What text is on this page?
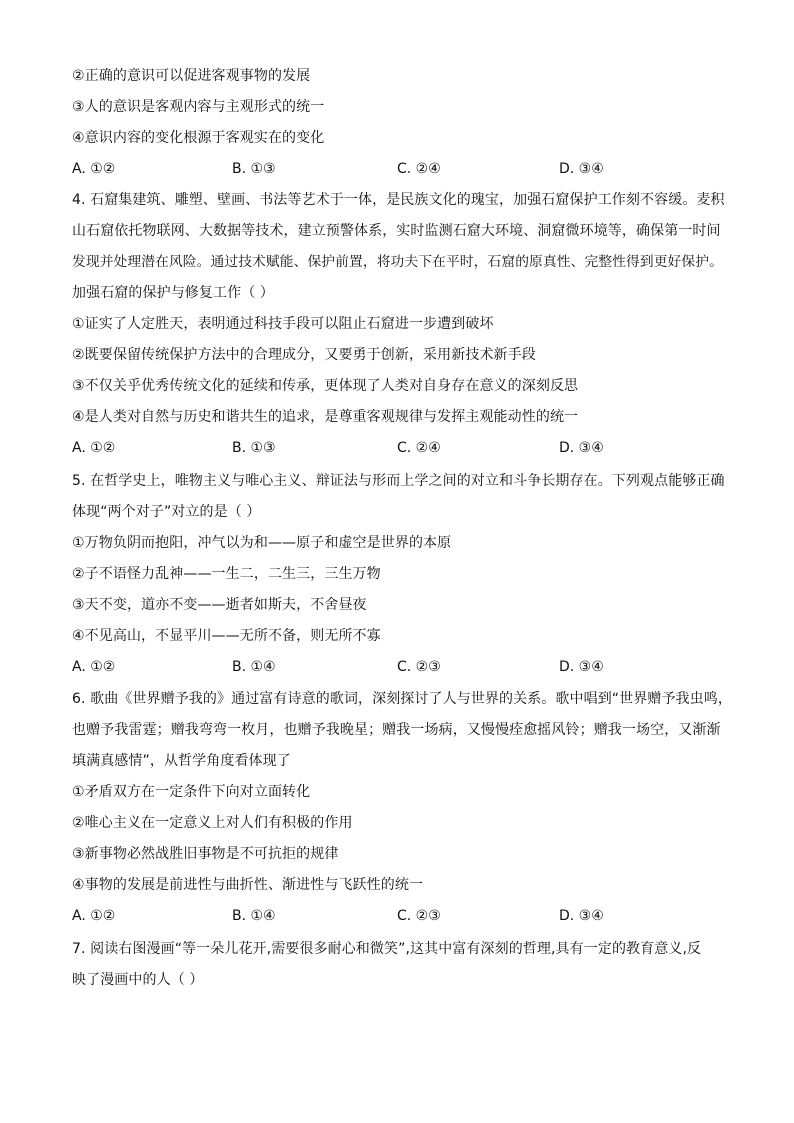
②正确的意识可以促进客观事物的发展
③人的意识是客观内容与主观形式的统一
④意识内容的变化根源于客观实在的变化
A. ①②	B. ①③	C. ②④	D. ③④
4. 石窟集建筑、雕塑、壁画、书法等艺术于一体，是民族文化的瑰宝，加强石窟保护工作刻不容缓。麦积
山石窟依托物联网、大数据等技术，建立预警体系，实时监测石窟大环境、洞窟微环境等，确保第一时间
发现并处理潜在风险。通过技术赋能、保护前置，将功夫下在平时，石窟的原真性、完整性得到更好保护。
加强石窟的保护与修复工作（ ）
①证实了人定胜天，表明通过科技手段可以阻止石窟进一步遭到破坏
②既要保留传统保护方法中的合理成分，又要勇于创新，采用新技术新手段
③不仅关乎优秀传统文化的延续和传承，更体现了人类对自身存在意义的深刻反思
④是人类对自然与历史和谐共生的追求，是尊重客观规律与发挥主观能动性的统一
A. ①②	B. ①③	C. ②④	D. ③④
5. 在哲学史上，唯物主义与唯心主义、辩证法与形而上学之间的对立和斗争长期存在。下列观点能够正确
体现“两个对子”对立的是（ ）
①万物负阴而抱阳，冲气以为和——原子和虚空是世界的本原
②子不语怪力乱神——一生二，二生三，三生万物
③天不变，道亦不变——逝者如斯夫，不舍昼夜
④不见高山，不显平川——无所不备，则无所不寡
A. ①②	B. ①④	C. ②③	D. ③④
6. 歌曲《世界赠予我的》通过富有诗意的歌词，深刻探讨了人与世界的关系。歌中唱到“世界赠予我虫鸣，
也赠予我雷霆；赠我弯弯一枚月，也赠予我晚星；赠我一场病，又慢慢痊愈摇风铃；赠我一场空，又渐渐
填满真感情”，从哲学角度看体现了
①矛盾双方在一定条件下向对立面转化
②唯心主义在一定意义上对人们有积极的作用
③新事物必然战胜旧事物是不可抗拒的规律
④事物的发展是前进性与曲折性、渐进性与飞跃性的统一
A. ①②	B. ①④	C. ②③	D. ③④
7. 阅读右图漫画“等一朵儿花开,需要很多耐心和微笑”,这其中富有深刻的哲理,具有一定的教育意义,反
映了漫画中的人（ ）
